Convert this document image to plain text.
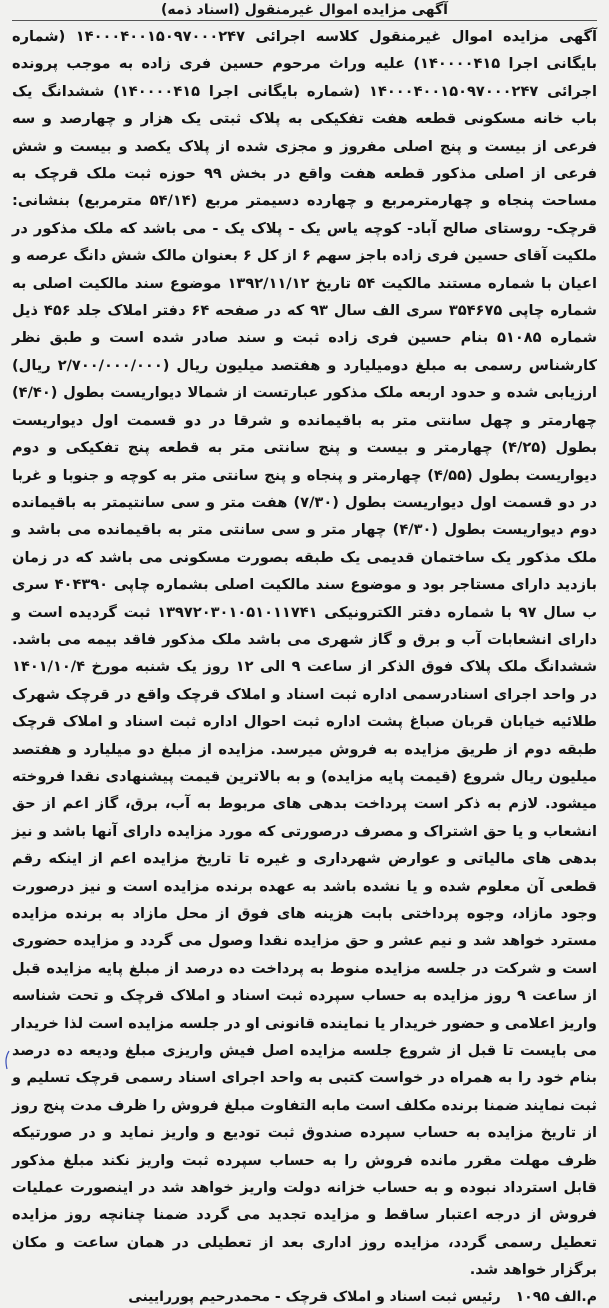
آگهی مزایده اموال غیرمنقول (اسناد ذمه)

آگهی مزایده اموال غیرمنقول کلاسه اجرائی ۱۴۰۰۰۴۰۰۱۵۰۹۷۰۰۰۲۴۷ (شماره بایگانی اجرا ۱۴۰۰۰۰۴۱۵) علیه وراث مرحوم حسین فری زاده به موجب پرونده اجرائی ۱۴۰۰۰۴۰۰۱۵۰۹۷۰۰۰۲۴۷ (شماره بایگانی اجرا ۱۴۰۰۰۰۴۱۵) ششدانگ یک باب خانه مسکونی قطعه هفت تفکیکی به پلاک ثبتی یک هزار و چهارصد و سه فرعی از بیست و پنج اصلی مفروز و مجزی شده از پلاک یکصد و بیست و شش فرعی از اصلی مذکور قطعه هفت واقع در بخش ۹۹ حوزه ثبت ملک قرچک به مساحت پنجاه و چهارمترمربع و چهارده دسیمتر مربع (۵۴/۱۴ مترمربع) بنشانی: قرچک- روستای صالح آباد- کوچه یاس یک - پلاک یک - می باشد که ملک مذکور در ملکیت آقای حسین فری زاده باجز سهم ۶ از کل ۶ بعنوان مالک شش دانگ عرصه و اعیان با شماره مستند مالکیت ۵۴ تاریخ ۱۳۹۲/۱۱/۱۲ موضوع سند مالکیت اصلی به شماره چاپی ۳۵۴۶۷۵ سری الف سال ۹۳ که در صفحه ۶۴ دفتر املاک جلد ۴۵۶ ذیل شماره ۵۱۰۸۵ بنام حسین فری زاده ثبت و سند صادر شده است و طبق نظر کارشناس رسمی به مبلغ دومیلیارد و هفتصد میلیون ریال (۲/۷۰۰/۰۰۰/۰۰۰ ریال) ارزیابی شده و حدود اربعه ملک مذکور عبارتست از شمالا دیواریست بطول (۴/۴۰) چهارمتر و چهل سانتی متر به باقیمانده و شرقا در دو قسمت اول دیواریست بطول (۴/۲۵) چهارمتر و بیست و پنج سانتی متر به قطعه پنج تفکیکی و دوم دیواریست بطول (۴/۵۵) چهارمتر و پنجاه و پنج سانتی متر به کوچه و جنوبا و غربا در دو قسمت اول دیواریست بطول (۷/۳۰) هفت متر و سی سانتیمتر به باقیمانده دوم دیواریست بطول (۴/۳۰) چهار متر و سی سانتی متر به باقیمانده می باشد و ملک مذکور یک ساختمان قدیمی یک طبقه بصورت مسکونی می باشد که در زمان بازدید دارای مستاجر بود و موضوع سند مالکیت اصلی بشماره چاپی ۴۰۴۳۹۰ سری ب سال ۹۷ با شماره دفتر الکترونیکی ۱۳۹۷۲۰۳۰۱۰۵۱۰۱۱۷۴۱ ثبت گردیده است و دارای انشعابات آب و برق و گاز شهری می باشد ملک مذکور فاقد بیمه می باشد. ششدانگ ملک پلاک فوق الذکر از ساعت ۹ الی ۱۲ روز یک شنبه مورخ ۱۴۰۱/۱۰/۴ در واحد اجرای اسنادرسمی اداره ثبت اسناد و املاک قرچک واقع در قرچک شهرک طلائیه خیابان قربان صباغ پشت اداره ثبت احوال اداره ثبت اسناد و املاک قرچک طبقه دوم از طریق مزایده به فروش میرسد. مزایده از مبلغ دو میلیارد و هفتصد میلیون ریال شروع (قیمت پایه مزایده) و به بالاترین قیمت پیشنهادی نقدا فروخته میشود. لازم به ذکر است پرداخت بدهی های مربوط به آب، برق، گاز اعم از حق انشعاب و یا حق اشتراک و مصرف درصورتی که مورد مزایده دارای آنها باشد و نیز بدهی های مالیاتی و عوارض شهرداری و غیره تا تاریخ مزایده اعم از اینکه رقم قطعی آن معلوم شده و یا نشده باشد به عهده برنده مزایده است و نیز درصورت وجود مازاد، وجوه پرداختی بابت هزینه های فوق از محل مازاد به برنده مزایده مسترد خواهد شد و نیم عشر و حق مزایده نقدا وصول می گردد و مزایده حضوری است و شرکت در جلسه مزایده منوط به پرداخت ده درصد از مبلغ پایه مزایده قبل از ساعت ۹ روز مزایده به حساب سپرده ثبت اسناد و املاک قرچک و تحت شناسه واریز اعلامی و حضور خریدار یا نماینده قانونی او در جلسه مزایده است لذا خریدار می بایست تا قبل از شروع جلسه مزایده اصل فیش واریزی مبلغ ودیعه ده درصد بنام خود را به همراه در خواست کتبی به واحد اجرای اسناد رسمی قرچک تسلیم و ثبت نمایند ضمنا برنده مکلف است مابه التفاوت مبلغ فروش را ظرف مدت پنج روز از تاریخ مزایده به حساب سپرده صندوق ثبت تودیع و واریز نماید و در صورتیکه ظرف مهلت مقرر مانده فروش را به حساب سپرده ثبت واریز نکند مبلغ مذکور قابل استرداد نبوده و به حساب خزانه دولت واریز خواهد شد در اینصورت عملیات فروش از درجه اعتبار ساقط و مزایده تجدید می گردد ضمنا چنانچه روز مزایده تعطیل رسمی گردد، مزایده روز اداری بعد از تعطیلی در همان ساعت و مکان برگزار خواهد شد.

م.الف ۱۰۹۵ رئیس ثبت اسناد و املاک قرچک - محمدرحیم پوررایینی
